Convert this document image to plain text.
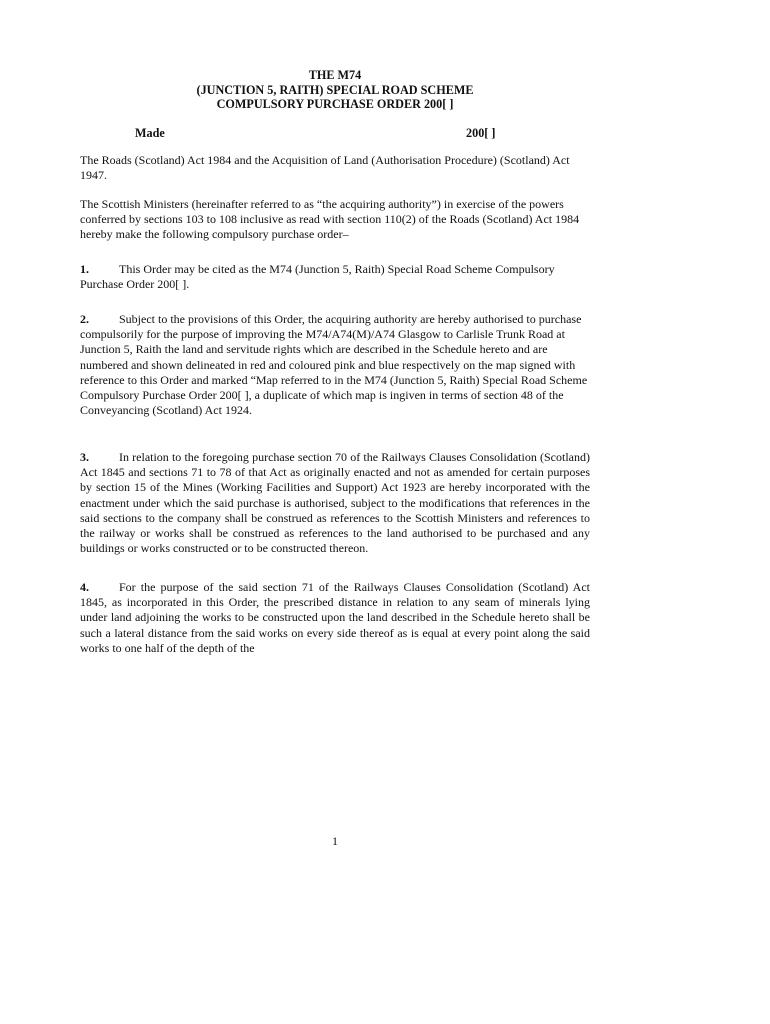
THE M74
(JUNCTION 5, RAITH) SPECIAL ROAD SCHEME
COMPULSORY PURCHASE ORDER 200[ ]
Made	200[ ]

The Roads (Scotland) Act 1984 and the Acquisition of Land (Authorisation Procedure) (Scotland) Act 1947.

The Scottish Ministers (hereinafter referred to as “the acquiring authority”) in exercise of the powers conferred by sections 103 to 108 inclusive as read with section 110(2) of the Roads (Scotland) Act 1984 hereby make the following compulsory purchase order–

1.	This Order may be cited as the M74 (Junction 5, Raith) Special Road Scheme Compulsory Purchase Order 200[ ].

2.	Subject to the provisions of this Order, the acquiring authority are hereby authorised to purchase compulsorily for the purpose of improving the M74/A74(M)/A74 Glasgow to Carlisle Trunk Road at Junction 5, Raith the land and servitude rights which are described in the Schedule hereto and are numbered and shown delineated in red and coloured pink and blue respectively on the map signed with reference to this Order and marked “Map referred to in the M74 (Junction 5, Raith) Special Road Scheme Compulsory Purchase Order 200[ ], a duplicate of which map is ingiven in terms of section 48 of the Conveyancing (Scotland) Act 1924.

3.	In relation to the foregoing purchase section 70 of the Railways Clauses Consolidation (Scotland) Act 1845 and sections 71 to 78 of that Act as originally enacted and not as amended for certain purposes by section 15 of the Mines (Working Facilities and Support) Act 1923 are hereby incorporated with the enactment under which the said purchase is authorised, subject to the modifications that references in the said sections to the company shall be construed as references to the Scottish Ministers and references to the railway or works shall be construed as references to the land authorised to be purchased and any buildings or works constructed or to be constructed thereon.

4.	For the purpose of the said section 71 of the Railways Clauses Consolidation (Scotland) Act 1845, as incorporated in this Order, the prescribed distance in relation to any seam of minerals lying under land adjoining the works to be constructed upon the land described in the Schedule hereto shall be such a lateral distance from the said works on every side thereof as is equal at every point along the said works to one half of the depth of the

1
